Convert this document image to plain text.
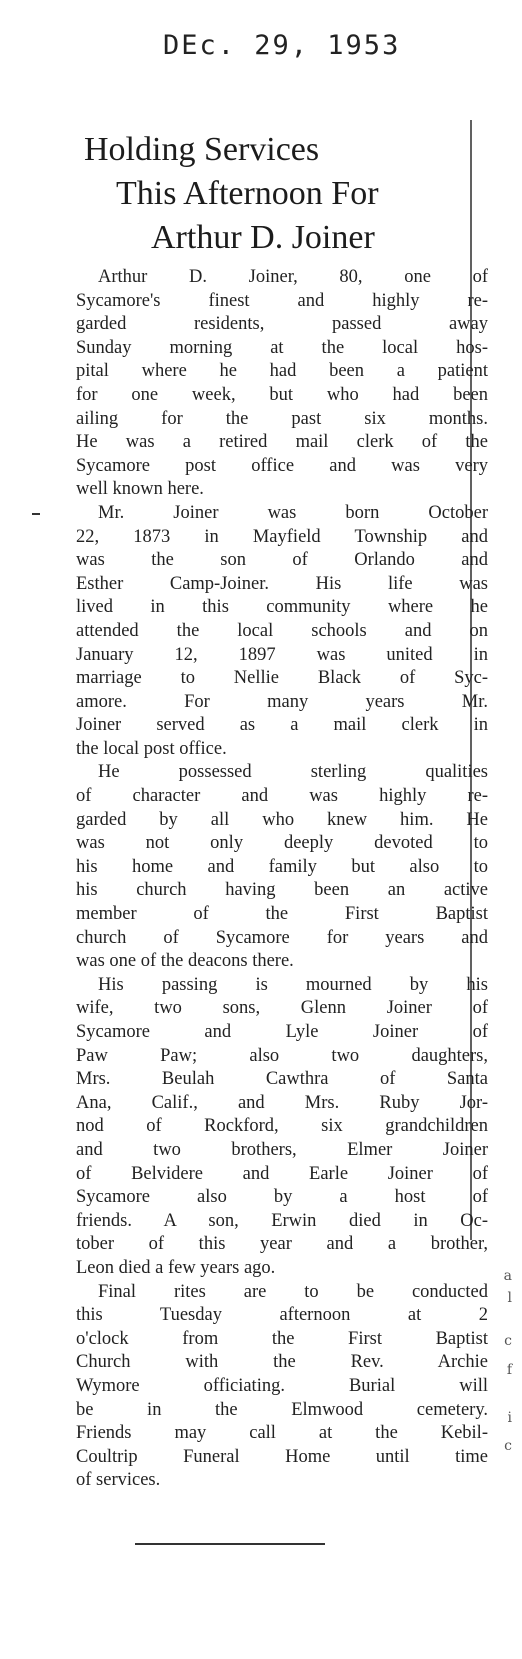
DEc. 29, 1953
Holding Services
This Afternoon For
Arthur D. Joiner
Arthur D. Joiner, 80, one of
Sycamore's finest and highly re-
garded residents, passed away
Sunday morning at the local hos-
pital where he had been a patient
for one week, but who had been
ailing for the past six months.
He was a retired mail clerk of the
Sycamore post office and was very
well known here.
Mr. Joiner was born October
22, 1873 in Mayfield Township and
was the son of Orlando and
Esther Camp-Joiner. His life was
lived in this community where he
attended the local schools and on
January 12, 1897 was united in
marriage to Nellie Black of Syc-
amore. For many years Mr.
Joiner served as a mail clerk in
the local post office.
He possessed sterling qualities
of character and was highly re-
garded by all who knew him. He
was not only deeply devoted to
his home and family but also to
his church having been an active
member of the First Baptist
church of Sycamore for years and
was one of the deacons there.
His passing is mourned by his
wife, two sons, Glenn Joiner of
Sycamore and Lyle Joiner of
Paw Paw; also two daughters,
Mrs. Beulah Cawthra of Santa
Ana, Calif., and Mrs. Ruby Jor-
nod of Rockford, six grandchildren
and two brothers, Elmer Joiner
of Belvidere and Earle Joiner of
Sycamore also by a host of
friends. A son, Erwin died in Oc-
tober of this year and a brother,
Leon died a few years ago.
Final rites are to be conducted
this Tuesday afternoon at 2
o'clock from the First Baptist
Church with the Rev. Archie
Wymore officiating. Burial will
be in the Elmwood cemetery.
Friends may call at the Kebil-
Coultrip Funeral Home until time
of services.
a
l
c
f
i
c
